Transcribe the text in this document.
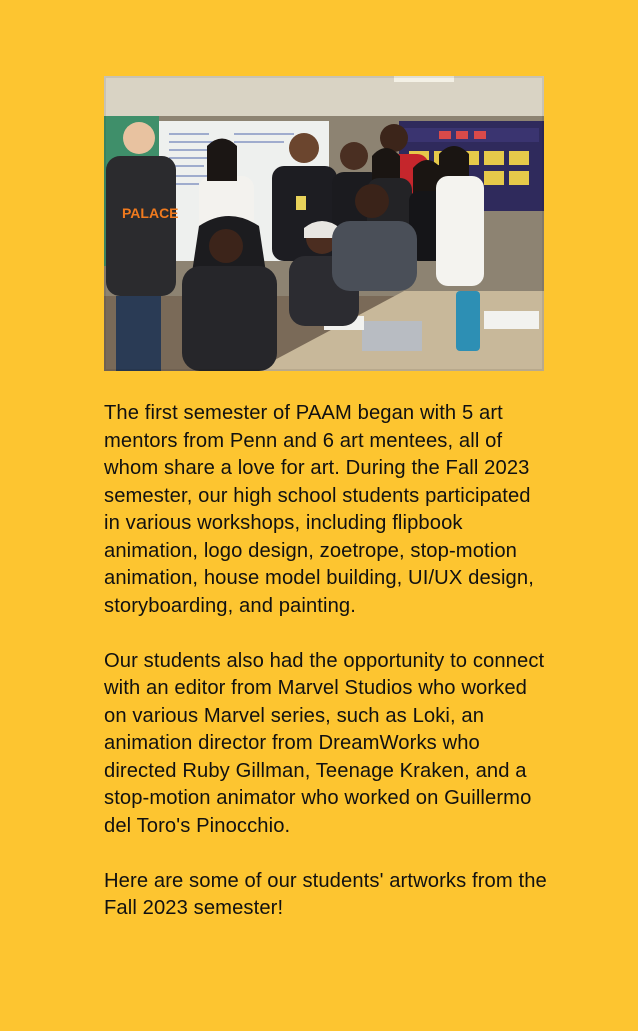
PALACE

The first semester of PAAM began with 5 art mentors from Penn and 6 art mentees, all of whom share a love for art. During the Fall 2023 semester, our high school students participated in various workshops, including flipbook animation, logo design, zoetrope, stop-motion animation, house model building, UI/UX design, storyboarding, and painting.

Our students also had the opportunity to connect with an editor from Marvel Studios who worked on various Marvel series, such as Loki, an animation director from DreamWorks who directed Ruby Gillman, Teenage Kraken, and a stop-motion animator who worked on Guillermo del Toro's Pinocchio.

Here are some of our students' artworks from the Fall 2023 semester!
